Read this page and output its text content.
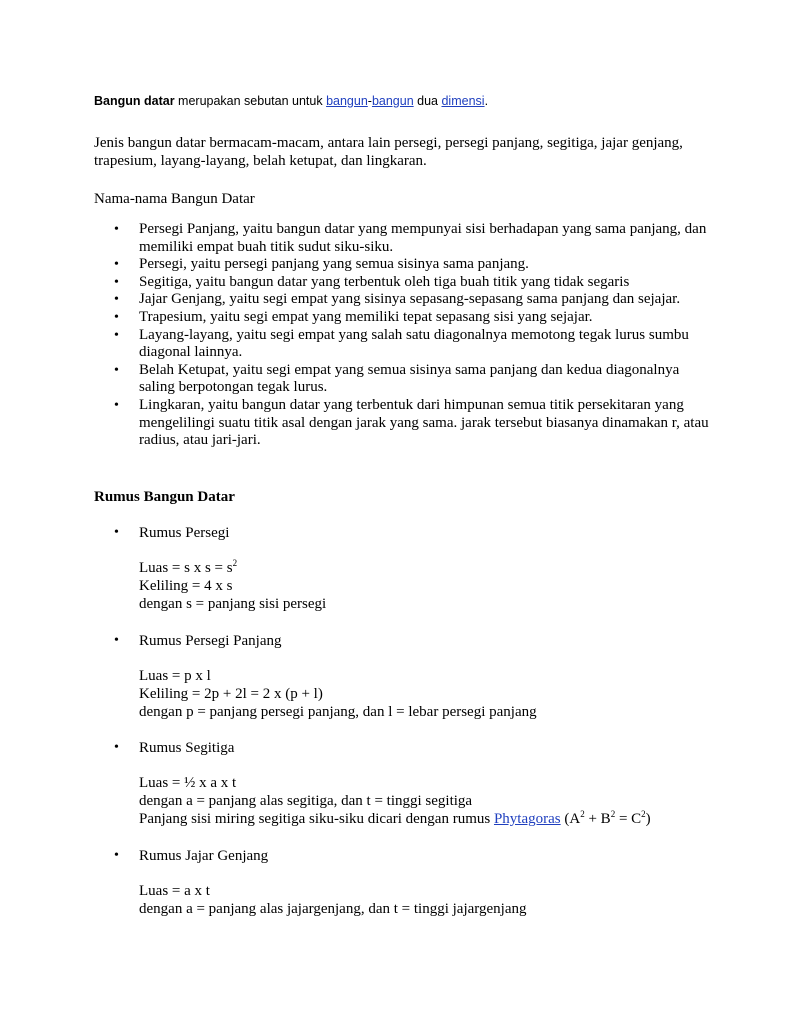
Bangun datar merupakan sebutan untuk bangun-bangun dua dimensi.
Jenis bangun datar bermacam-macam, antara lain persegi, persegi panjang, segitiga, jajar genjang, trapesium, layang-layang, belah ketupat, dan lingkaran.
Nama-nama Bangun Datar
• Persegi Panjang, yaitu bangun datar yang mempunyai sisi berhadapan yang sama panjang, dan memiliki empat buah titik sudut siku-siku.
• Persegi, yaitu persegi panjang yang semua sisinya sama panjang.
• Segitiga, yaitu bangun datar yang terbentuk oleh tiga buah titik yang tidak segaris
• Jajar Genjang, yaitu segi empat yang sisinya sepasang-sepasang sama panjang dan sejajar.
• Trapesium, yaitu segi empat yang memiliki tepat sepasang sisi yang sejajar.
• Layang-layang, yaitu segi empat yang salah satu diagonalnya memotong tegak lurus sumbu diagonal lainnya.
• Belah Ketupat, yaitu segi empat yang semua sisinya sama panjang dan kedua diagonalnya saling berpotongan tegak lurus.
• Lingkaran, yaitu bangun datar yang terbentuk dari himpunan semua titik persekitaran yang mengelilingi suatu titik asal dengan jarak yang sama. jarak tersebut biasanya dinamakan r, atau radius, atau jari-jari.
Rumus Bangun Datar
• Rumus Persegi
Luas = s x $s = s^2$
Keliling = 4 x s
dengan s = panjang sisi persegi
• Rumus Persegi Panjang
Luas = p x l
Keliling = 2p + 2l = 2 x (p + l)
dengan p = panjang persegi panjang, dan l = lebar persegi panjang
• Rumus Segitiga
Luas = ½ x a x t
dengan a = panjang alas segitiga, dan t = tinggi segitiga
Panjang sisi miring segitiga siku-siku dicari dengan rumus Phytagoras $(A^2 + B^2 = C^2)$
• Rumus Jajar Genjang
Luas = a x t
dengan a = panjang alas jajargenjang, dan t = tinggi jajargenjang
